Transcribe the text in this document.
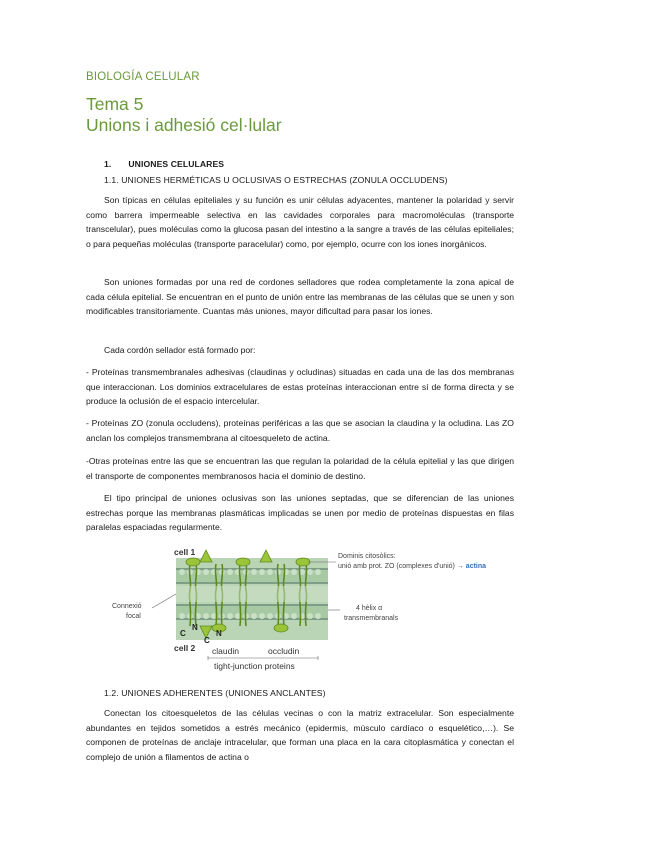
BIOLOGÍA CELULAR
Tema 5
Unions i adhesió cel·lular
1. UNIONES CELULARES
1.1. UNIONES HERMÉTICAS U OCLUSIVAS O ESTRECHAS (ZONULA OCCLUDENS)

Son típicas en células epiteliales y su función es unir células adyacentes, mantener la polaridad y servir como barrera impermeable selectiva en las cavidades corporales para macromoléculas (transporte transcelular), pues moléculas como la glucosa pasan del intestino a la sangre a través de las células epiteliales; o para pequeñas moléculas (transporte paracelular) como, por ejemplo, ocurre con los iones inorgánicos.

Son uniones formadas por una red de cordones selladores que rodea completamente la zona apical de cada célula epitelial. Se encuentran en el punto de unión entre las membranas de las células que se unen y son modificables transitoriamente. Cuantas más uniones, mayor dificultad para pasar los iones.

Cada cordón sellador está formado por:

- Proteínas transmembranales adhesivas (claudinas y ocludinas) situadas en cada una de las dos membranas que interaccionan. Los dominios extracelulares de estas proteínas interaccionan entre sí de forma directa y se produce la oclusión de el espacio intercelular.

- Proteínas ZO (zonula occludens), proteínas periféricas a las que se asocian la claudina y la ocludina. Las ZO anclan los complejos transmembrana al citoesqueleto de actina.

-Otras proteínas entre las que se encuentran las que regulan la polaridad de la célula epitelial y las que dirigen el transporte de componentes membranosos hacia el dominio de destino.

El tipo principal de uniones oclusivas son las uniones septadas, que se diferencian de las uniones estrechas porque las membranas plasmáticas implicadas se unen por medio de proteínas dispuestas en filas paralelas espaciadas regularmente.

cell 1
cell 2
Connexió
focal
C
N
C
N
Dominis citosòlics:
unió amb prot. ZO (complexes d'unió) → actina
4 hèlix α
transmembranals
claudin	occludin
tight-junction proteins
1.2. UNIONES ADHERENTES (UNIONES ANCLANTES)

Conectan los citoesqueletos de las células vecinas o con la matriz extracelular. Son especialmente abundantes en tejidos sometidos a estrés mecánico (epidermis, músculo cardíaco o esquelético,…). Se componen de proteínas de anclaje intracelular, que forman una placa en la cara citoplasmática y conectan el complejo de unión a filamentos de actina o
